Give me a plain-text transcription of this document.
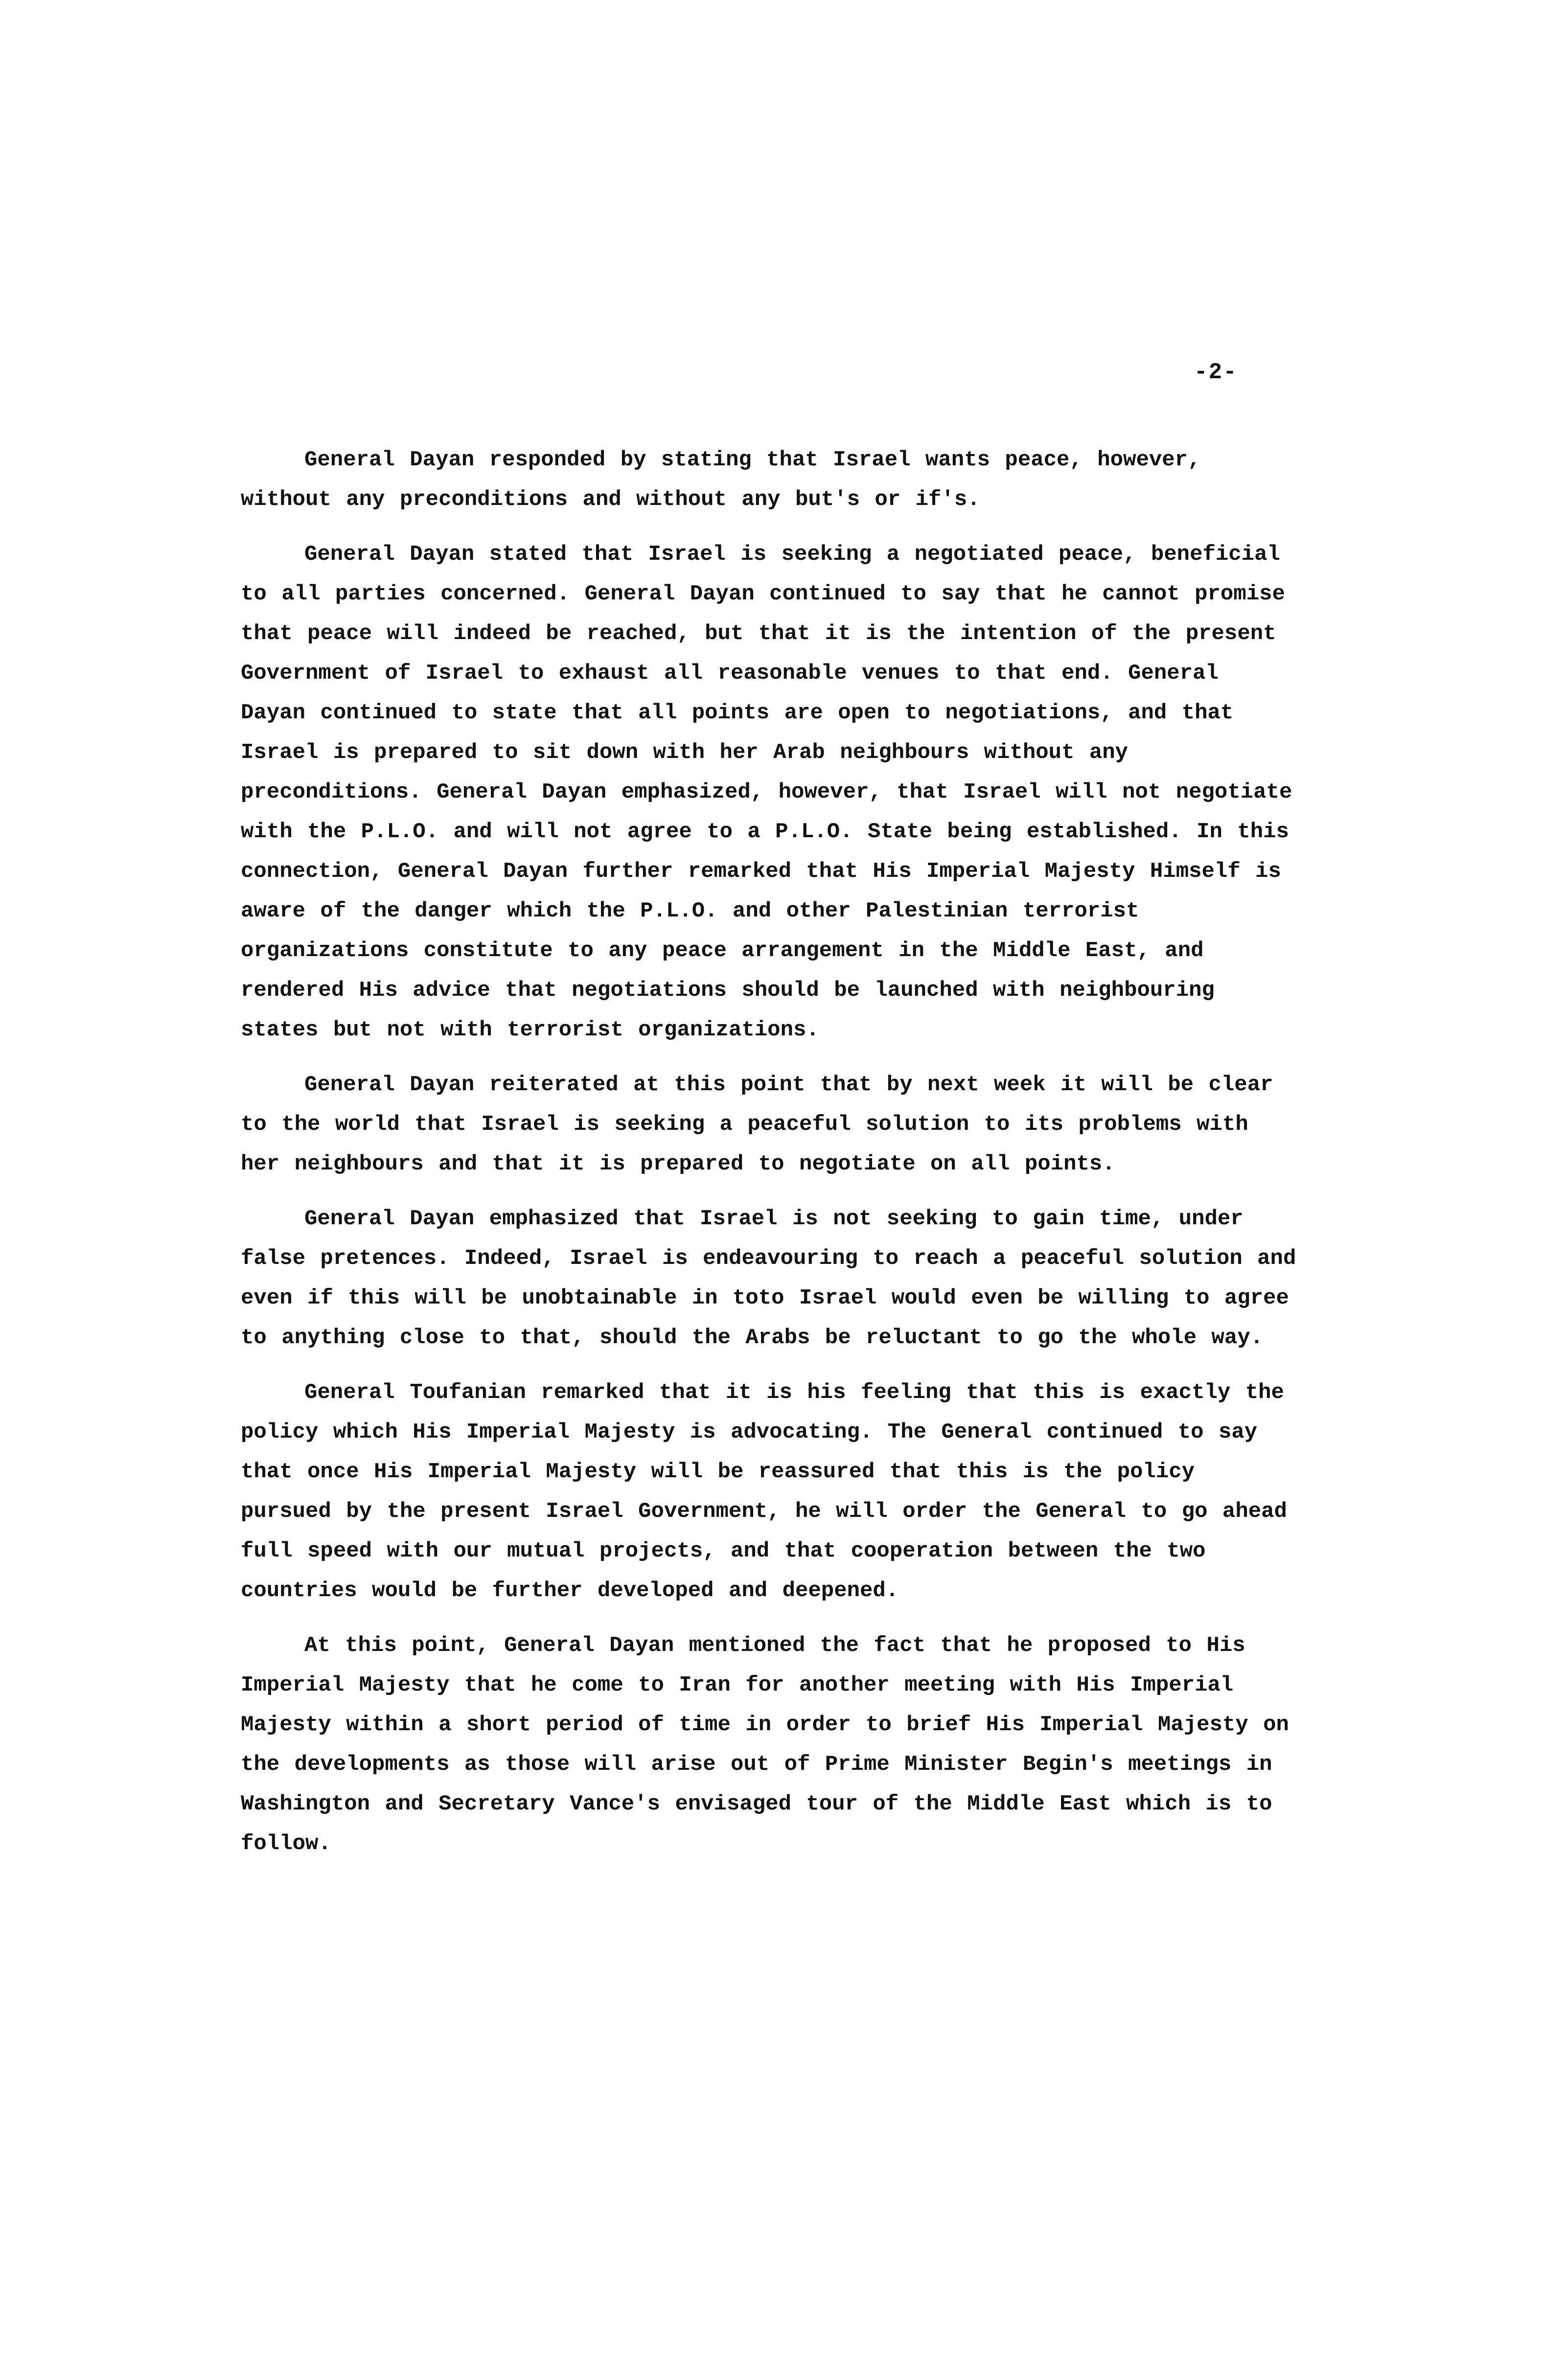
-2-

General Dayan responded by stating that Israel wants peace, however, without any preconditions and without any but's or if's.

General Dayan stated that Israel is seeking a negotiated peace, beneficial to all parties concerned. General Dayan continued to say that he cannot promise that peace will indeed be reached, but that it is the intention of the present Government of Israel to exhaust all reasonable venues to that end. General Dayan continued to state that all points are open to negotiations, and that Israel is prepared to sit down with her Arab neighbours without any preconditions. General Dayan emphasized, however, that Israel will not negotiate with the P.L.O. and will not agree to a P.L.O. State being established. In this connection, General Dayan further remarked that His Imperial Majesty Himself is aware of the danger which the P.L.O. and other Palestinian terrorist organizations constitute to any peace arrangement in the Middle East, and rendered His advice that negotiations should be launched with neighbouring states but not with terrorist organizations.

General Dayan reiterated at this point that by next week it will be clear to the world that Israel is seeking a peaceful solution to its problems with her neighbours and that it is prepared to negotiate on all points.

General Dayan emphasized that Israel is not seeking to gain time, under false pretences. Indeed, Israel is endeavouring to reach a peaceful solution and even if this will be unobtainable in toto Israel would even be willing to agree to anything close to that, should the Arabs be reluctant to go the whole way.

General Toufanian remarked that it is his feeling that this is exactly the policy which His Imperial Majesty is advocating. The General continued to say that once His Imperial Majesty will be reassured that this is the policy pursued by the present Israel Government, he will order the General to go ahead full speed with our mutual projects, and that cooperation between the two countries would be further developed and deepened.

At this point, General Dayan mentioned the fact that he proposed to His Imperial Majesty that he come to Iran for another meeting with His Imperial Majesty within a short period of time in order to brief His Imperial Majesty on the developments as those will arise out of Prime Minister Begin's meetings in Washington and Secretary Vance's envisaged tour of the Middle East which is to follow.
